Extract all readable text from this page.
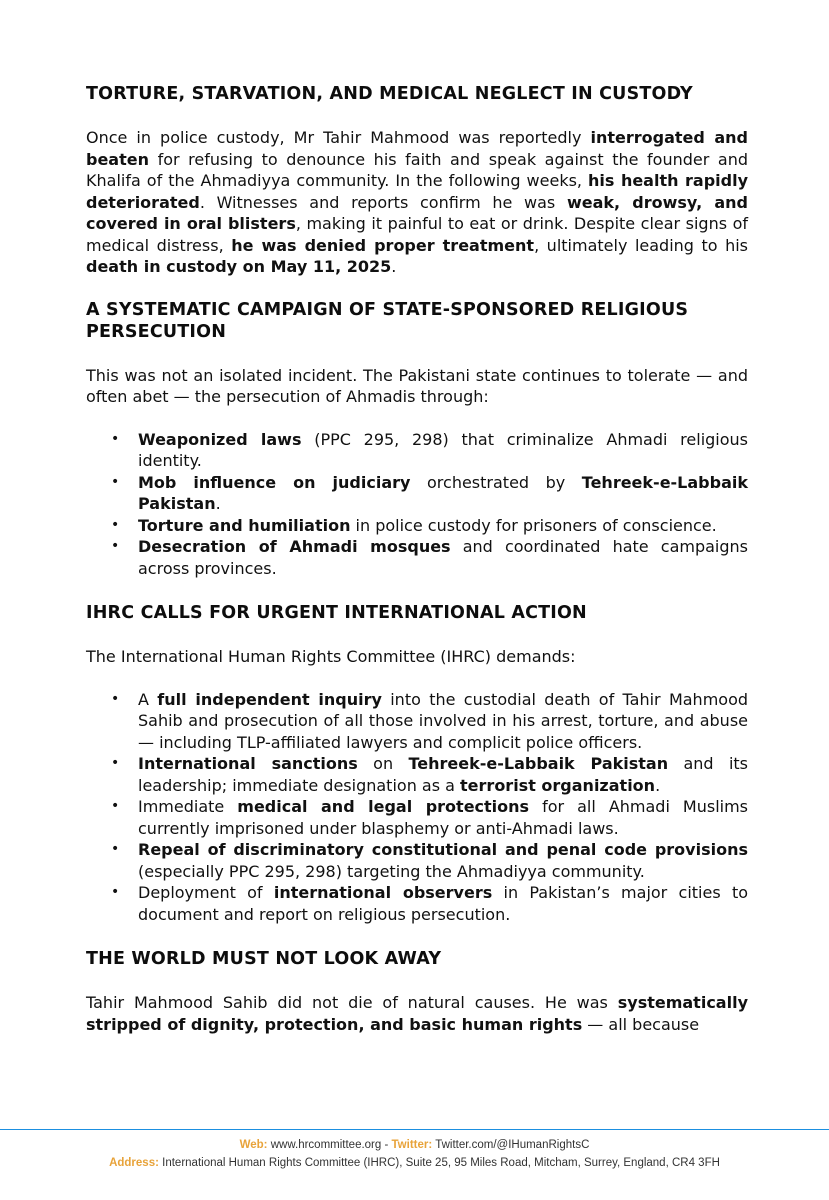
TORTURE, STARVATION, AND MEDICAL NEGLECT IN CUSTODY

Once in police custody, Mr Tahir Mahmood was reportedly interrogated and beaten for refusing to denounce his faith and speak against the founder and Khalifa of the Ahmadiyya community. In the following weeks, his health rapidly deteriorated. Witnesses and reports confirm he was weak, drowsy, and covered in oral blisters, making it painful to eat or drink. Despite clear signs of medical distress, he was denied proper treatment, ultimately leading to his death in custody on May 11, 2025.

A SYSTEMATIC CAMPAIGN OF STATE-SPONSORED RELIGIOUS PERSECUTION

This was not an isolated incident. The Pakistani state continues to tolerate — and often abet — the persecution of Ahmadis through:

• Weaponized laws (PPC 295, 298) that criminalize Ahmadi religious identity.
• Mob influence on judiciary orchestrated by Tehreek-e-Labbaik Pakistan.
• Torture and humiliation in police custody for prisoners of conscience.
• Desecration of Ahmadi mosques and coordinated hate campaigns across provinces.
IHRC CALLS FOR URGENT INTERNATIONAL ACTION

The International Human Rights Committee (IHRC) demands:

• A full independent inquiry into the custodial death of Tahir Mahmood Sahib and prosecution of all those involved in his arrest, torture, and abuse — including TLP-affiliated lawyers and complicit police officers.
• International sanctions on Tehreek-e-Labbaik Pakistan and its leadership; immediate designation as a terrorist organization.
• Immediate medical and legal protections for all Ahmadi Muslims currently imprisoned under blasphemy or anti-Ahmadi laws.
• Repeal of discriminatory constitutional and penal code provisions (especially PPC 295, 298) targeting the Ahmadiyya community.
• Deployment of international observers in Pakistan’s major cities to document and report on religious persecution.
THE WORLD MUST NOT LOOK AWAY

Tahir Mahmood Sahib did not die of natural causes. He was systematically stripped of dignity, protection, and basic human rights — all because

Web: www.hrcommittee.org - Twitter: Twitter.com/@IHumanRightsC
Address: International Human Rights Committee (IHRC), Suite 25, 95 Miles Road, Mitcham, Surrey, England, CR4 3FH
